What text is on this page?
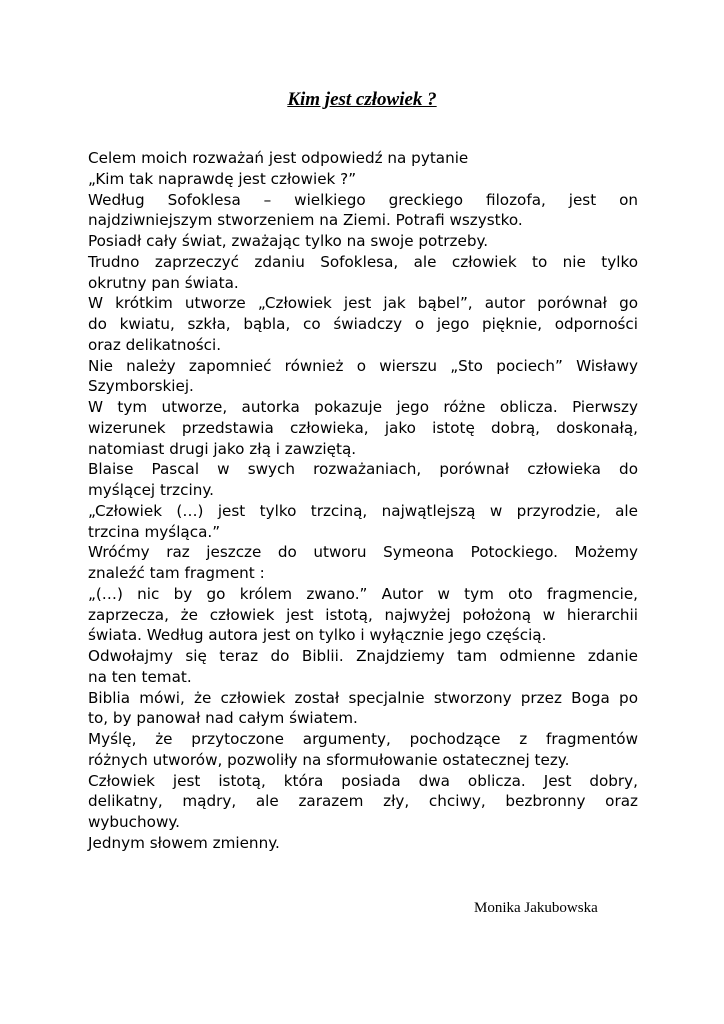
Kim jest człowiek ?
Celem moich rozważań jest odpowiedź na pytanie
„Kim tak naprawdę jest człowiek ?”
Według Sofoklesa – wielkiego greckiego filozofa, jest on
najdziwniejszym stworzeniem na Ziemi. Potrafi wszystko.
Posiadł cały świat, zważając tylko na swoje potrzeby.
Trudno zaprzeczyć zdaniu Sofoklesa, ale człowiek to nie tylko
okrutny pan świata.
W krótkim utworze „Człowiek jest jak bąbel”, autor porównał go
do kwiatu, szkła, bąbla, co świadczy o jego pięknie, odporności
oraz delikatności.
Nie należy zapomnieć również o wierszu „Sto pociech” Wisławy
Szymborskiej.
W tym utworze, autorka pokazuje jego różne oblicza. Pierwszy
wizerunek przedstawia człowieka, jako istotę dobrą, doskonałą,
natomiast drugi jako złą i zawziętą.
Blaise Pascal w swych rozważaniach, porównał człowieka do
myślącej trzciny.
„Człowiek (…) jest tylko trzciną, najwątlejszą w przyrodzie, ale
trzcina myśląca.”
Wróćmy raz jeszcze do utworu Symeona Potockiego. Możemy
znaleźć tam fragment :
„(…) nic by go królem zwano.” Autor w tym oto fragmencie,
zaprzecza, że człowiek jest istotą, najwyżej położoną w hierarchii
świata. Według autora jest on tylko i wyłącznie jego częścią.
Odwołajmy się teraz do Biblii. Znajdziemy tam odmienne zdanie
na ten temat.
Biblia mówi, że człowiek został specjalnie stworzony przez Boga po
to, by panował nad całym światem.
Myślę, że przytoczone argumenty, pochodzące z fragmentów
różnych utworów, pozwoliły na sformułowanie ostatecznej tezy.
Człowiek jest istotą, która posiada dwa oblicza. Jest dobry,
delikatny, mądry, ale zarazem zły, chciwy, bezbronny oraz
wybuchowy.
Jednym słowem zmienny.
Monika Jakubowska
